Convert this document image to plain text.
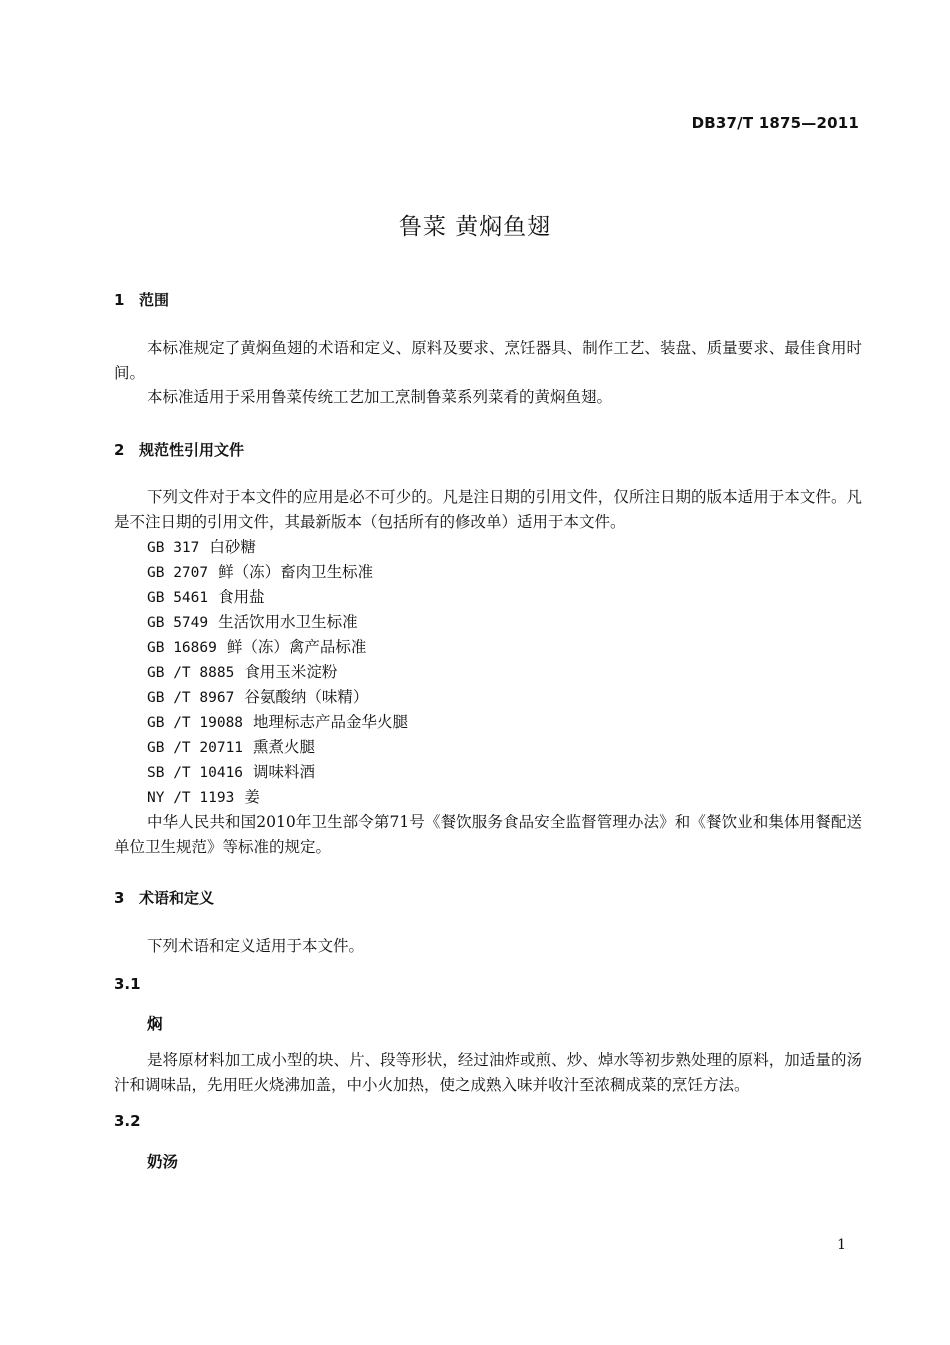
DB37/T 1875—2011
鲁菜 黄焖鱼翅
1 范围
本标准规定了黄焖鱼翅的术语和定义、原料及要求、烹饪器具、制作工艺、装盘、质量要求、最佳食用时间。
本标准适用于采用鲁菜传统工艺加工烹制鲁菜系列菜肴的黄焖鱼翅。
2 规范性引用文件
下列文件对于本文件的应用是必不可少的。凡是注日期的引用文件，仅所注日期的版本适用于本文件。凡是不注日期的引用文件，其最新版本（包括所有的修改单）适用于本文件。
GB 317 白砂糖
GB 2707 鲜（冻）畜肉卫生标准
GB 5461 食用盐
GB 5749 生活饮用水卫生标准
GB 16869 鲜（冻）禽产品标准
GB /T 8885 食用玉米淀粉
GB /T 8967 谷氨酸纳（味精）
GB /T 19088 地理标志产品金华火腿
GB /T 20711 熏煮火腿
SB /T 10416 调味料酒
NY /T 1193 姜
中华人民共和国2010年卫生部令第71号《餐饮服务食品安全监督管理办法》和《餐饮业和集体用餐配送单位卫生规范》等标准的规定。
3 术语和定义
下列术语和定义适用于本文件。
3.1
焖
是将原材料加工成小型的块、片、段等形状，经过油炸或煎、炒、焯水等初步熟处理的原料，加适量的汤汁和调味品，先用旺火烧沸加盖，中小火加热，使之成熟入味并收汁至浓稠成菜的烹饪方法。
3.2
奶汤
1
